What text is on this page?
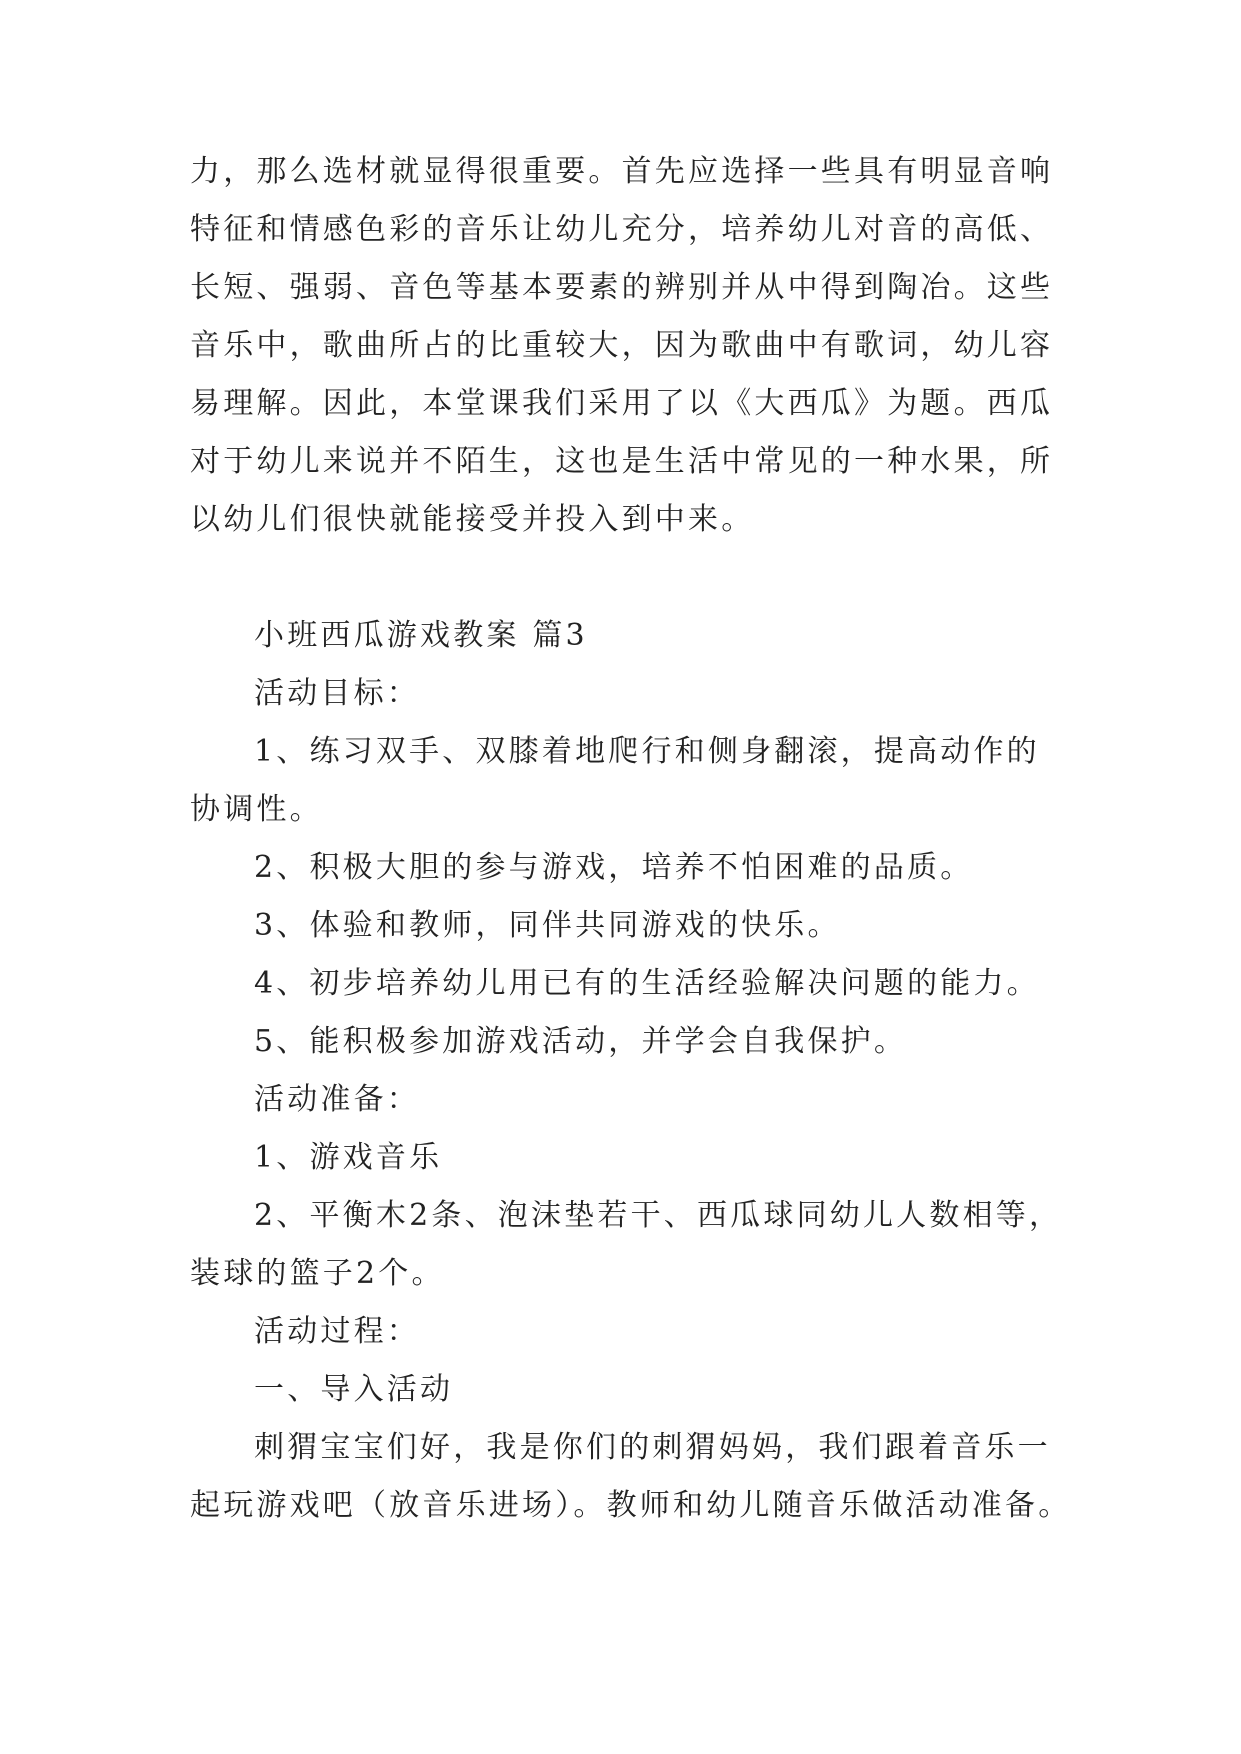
力，那么选材就显得很重要。首先应选择一些具有明显音响
特征和情感色彩的音乐让幼儿充分，培养幼儿对音的高低、
长短、强弱、音色等基本要素的辨别并从中得到陶冶。这些
音乐中，歌曲所占的比重较大，因为歌曲中有歌词，幼儿容
易理解。因此，本堂课我们采用了以《大西瓜》为题。西瓜
对于幼儿来说并不陌生，这也是生活中常见的一种水果，所
以幼儿们很快就能接受并投入到中来。
小班西瓜游戏教案 篇3
活动目标：
1、练习双手、双膝着地爬行和侧身翻滚，提高动作的
协调性。
2、积极大胆的参与游戏，培养不怕困难的品质。
3、体验和教师，同伴共同游戏的快乐。
4、初步培养幼儿用已有的生活经验解决问题的能力。
5、能积极参加游戏活动，并学会自我保护。
活动准备：
1、游戏音乐
2、平衡木2条、泡沫垫若干、西瓜球同幼儿人数相等，
装球的篮子2个。
活动过程：
一、导入活动
刺猬宝宝们好，我是你们的刺猬妈妈，我们跟着音乐一
起玩游戏吧（放音乐进场）。教师和幼儿随音乐做活动准备。
